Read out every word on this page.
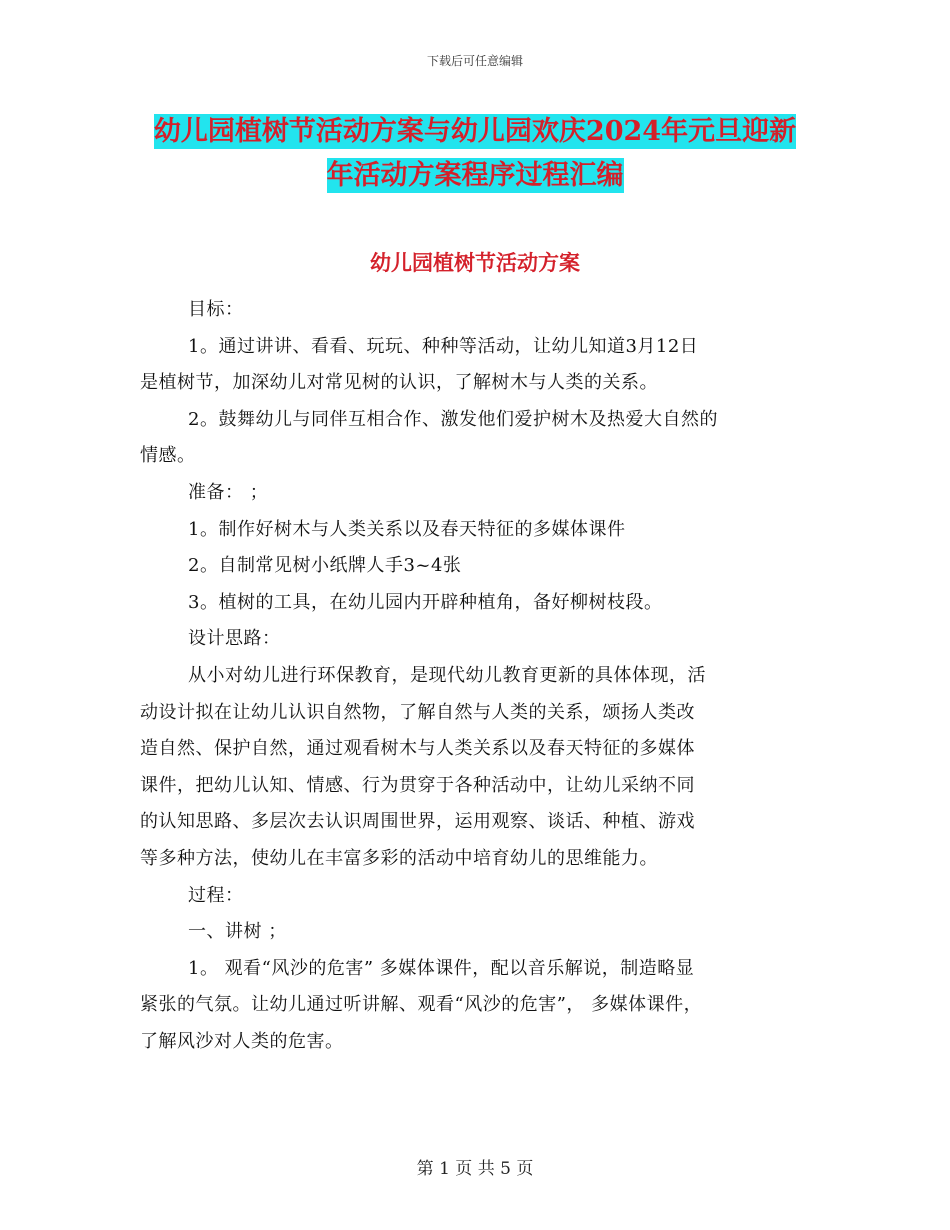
下载后可任意编辑
幼儿园植树节活动方案与幼儿园欢庆2024年元旦迎新
年活动方案程序过程汇编
幼儿园植树节活动方案
目标：
1。通过讲讲、看看、玩玩、种种等活动，让幼儿知道3月12日
是植树节，加深幼儿对常见树的认识，了解树木与人类的关系。
2。鼓舞幼儿与同伴互相合作、激发他们爱护树木及热爱大自然的
情感。
准备： ；
1。制作好树木与人类关系以及春天特征的多媒体课件
2。自制常见树小纸牌人手3~4张
3。植树的工具，在幼儿园内开辟种植角，备好柳树枝段。
设计思路：
从小对幼儿进行环保教育，是现代幼儿教育更新的具体体现，活
动设计拟在让幼儿认识自然物，了解自然与人类的关系，颂扬人类改
造自然、保护自然，通过观看树木与人类关系以及春天特征的多媒体
课件，把幼儿认知、情感、行为贯穿于各种活动中，让幼儿采纳不同
的认知思路、多层次去认识周围世界，运用观察、谈话、种植、游戏
等多种方法，使幼儿在丰富多彩的活动中培育幼儿的思维能力。
过程：
一、讲树 ；
1。 观看“风沙的危害” 多媒体课件，配以音乐解说，制造略显
紧张的气氛。让幼儿通过听讲解、观看“风沙的危害”， 多媒体课件，
了解风沙对人类的危害。
第 1 页 共 5 页
